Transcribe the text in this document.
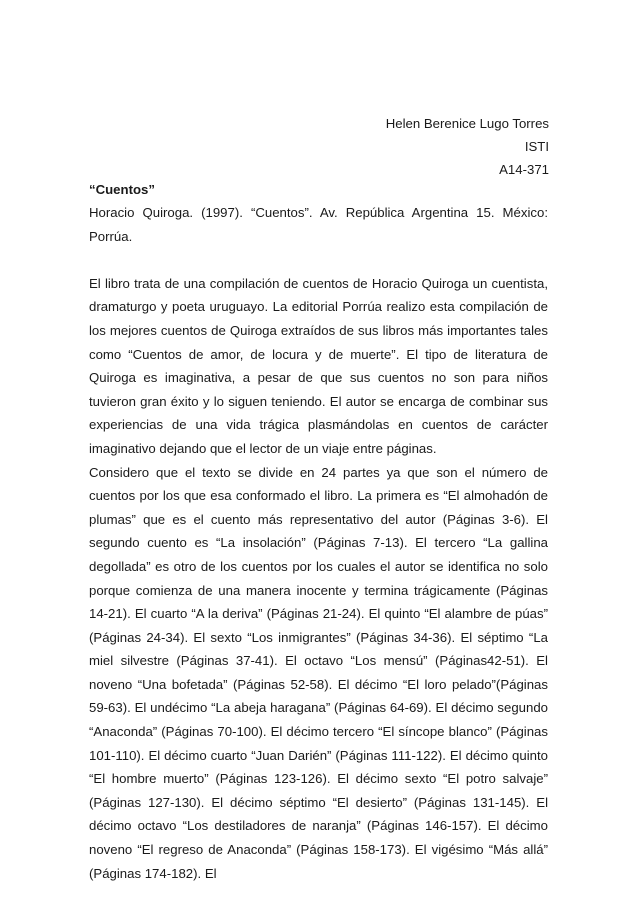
Helen Berenice Lugo Torres
ISTI
A14-371
“Cuentos”

Horacio Quiroga. (1997). “Cuentos”. Av. República Argentina 15. México: Porrúa.

El libro trata de una compilación de cuentos de Horacio Quiroga un cuentista, dramaturgo y poeta uruguayo. La editorial Porrúa realizo esta compilación de los mejores cuentos de Quiroga extraídos de sus libros más importantes tales como “Cuentos de amor, de locura y de muerte”. El tipo de literatura de Quiroga es imaginativa, a pesar de que sus cuentos no son para niños tuvieron gran éxito y lo siguen teniendo. El autor se encarga de combinar sus experiencias de una vida trágica plasmándolas en cuentos de carácter imaginativo dejando que el lector de un viaje entre páginas.

Considero que el texto se divide en 24 partes ya que son el número de cuentos por los que esa conformado el libro. La primera es “El almohadón de plumas” que es el cuento más representativo del autor (Páginas 3-6). El segundo cuento es “La insolación” (Páginas 7-13). El tercero “La gallina degollada” es otro de los cuentos por los cuales el autor se identifica no solo porque comienza de una manera inocente y termina trágicamente (Páginas 14-21). El cuarto “A la deriva” (Páginas 21-24). El quinto “El alambre de púas” (Páginas 24-34). El sexto “Los inmigrantes” (Páginas 34-36). El séptimo “La miel silvestre (Páginas 37-41). El octavo “Los mensú” (Páginas42-51). El noveno “Una bofetada” (Páginas 52-58). El décimo “El loro pelado”(Páginas 59-63). El undécimo “La abeja haragana” (Páginas 64-69). El décimo segundo “Anaconda” (Páginas 70-100). El décimo tercero “El síncope blanco” (Páginas 101-110). El décimo cuarto “Juan Darién” (Páginas 111-122). El décimo quinto “El hombre muerto” (Páginas 123-126). El décimo sexto “El potro salvaje” (Páginas 127-130). El décimo séptimo “El desierto” (Páginas 131-145). El décimo octavo “Los destiladores de naranja” (Páginas 146-157). El décimo noveno “El regreso de Anaconda” (Páginas 158-173). El vigésimo “Más allá” (Páginas 174-182). El
